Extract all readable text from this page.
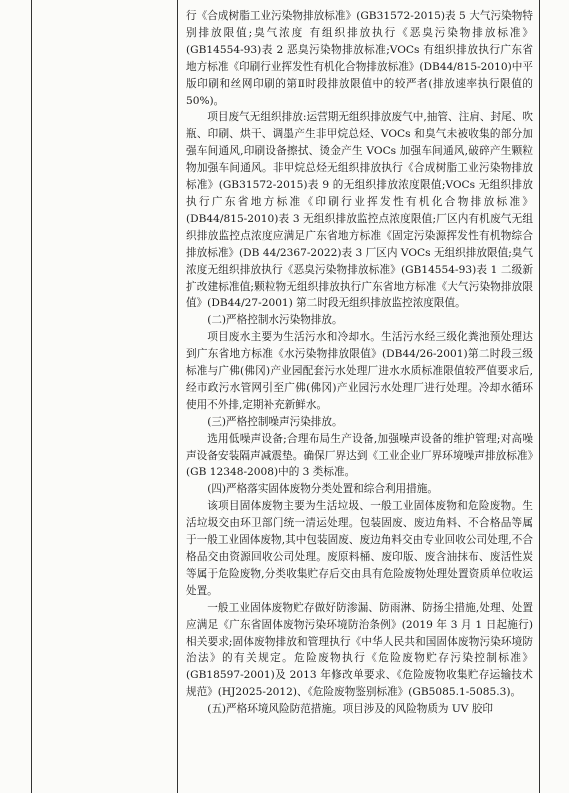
行《合成树脂工业污染物排放标准》(GB31572-2015)表 5 大气污染物特别排放限值;臭气浓度 有组织排放执行《恶臭污染物排放标准》(GB14554-93)表 2 恶臭污染物排放标准;VOCs 有组织排放执行广东省地方标准《印刷行业挥发性有机化合物排放标准》(DB44/815-2010)中平版印刷和丝网印刷的第Ⅱ时段排放限值中的较严者(排放速率执行限值的 50%)。

项目废气无组织排放:运营期无组织排放废气中,抽管、注肩、封尾、吹瓶、印刷、烘干、调墨产生非甲烷总烃、VOCs 和臭气未被收集的部分加强车间通风,印刷设备擦拭、烫金产生 VOCs 加强车间通风,破碎产生颗粒物加强车间通风。非甲烷总烃无组织排放执行《合成树脂工业污染物排放标准》(GB31572-2015)表 9 的无组织排放浓度限值;VOCs 无组织排放执行广东省地方标准《印刷行业挥发性有机化合物排放标准》(DB44/815-2010)表 3 无组织排放监控点浓度限值;厂区内有机废气无组织排放监控点浓度应满足广东省地方标准《固定污染源挥发性有机物综合排放标准》(DB 44/2367-2022)表 3 厂区内 VOCs 无组织排放限值;臭气浓度无组织排放执行《恶臭污染物排放标准》(GB14554-93)表 1 二级新扩改建标准值;颗粒物无组织排放执行广东省地方标准《大气污染物排放限值》(DB44/27-2001) 第二时段无组织排放监控浓度限值。

(二)严格控制水污染物排放。

项目废水主要为生活污水和冷却水。生活污水经三级化粪池预处理达到广东省地方标准《水污染物排放限值》(DB44/26-2001)第二时段三级标准与广佛(佛冈)产业园配套污水处理厂进水水质标准限值较严值要求后,经市政污水管网引至广佛(佛冈)产业园污水处理厂进行处理。冷却水循环使用不外排,定期补充新鲜水。

(三)严格控制噪声污染排放。

选用低噪声设备;合理布局生产设备,加强噪声设备的维护管理;对高噪声设备安装隔声减震垫。确保厂界达到《工业企业厂界环境噪声排放标准》(GB 12348-2008)中的 3 类标准。

(四)严格落实固体废物分类处置和综合利用措施。

该项目固体废物主要为生活垃圾、一般工业固体废物和危险废物。生活垃圾交由环卫部门统一清运处理。包装固废、废边角料、不合格品等属于一般工业固体废物,其中包装固废、废边角料交由专业回收公司处理,不合格品交由资源回收公司处理。废原料桶、废印版、废含油抹布、废活性炭等属于危险废物,分类收集贮存后交由具有危险废物处理处置资质单位收运处置。

一般工业固体废物贮存做好防渗漏、防雨淋、防扬尘措施,处理、处置应满足《广东省固体废物污染环境防治条例》(2019 年 3 月 1 日起施行)相关要求;固体废物排放和管理执行《中华人民共和国固体废物污染环境防治法》的有关规定。危险废物执行《危险废物贮存污染控制标准》(GB18597-2001)及 2013 年修改单要求、《危险废物收集贮存运输技术规范》(HJ2025-2012)、《危险废物鉴别标准》(GB5085.1-5085.3)。

(五)严格环境风险防范措施。项目涉及的风险物质为 UV 胶印
